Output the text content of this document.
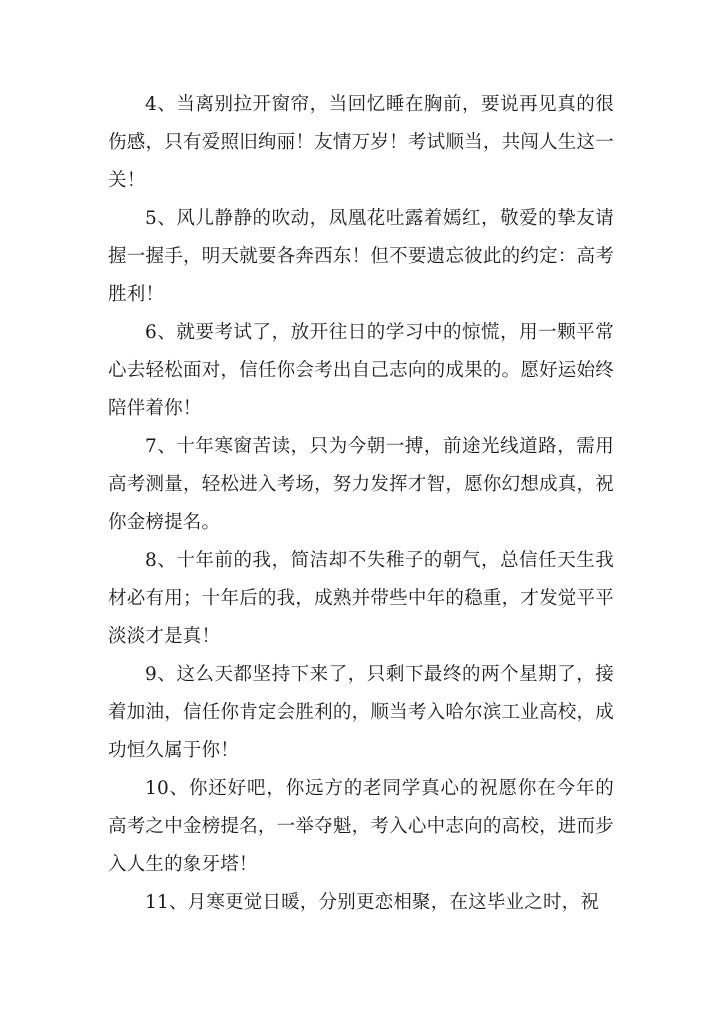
4、当离别拉开窗帘，当回忆睡在胸前，要说再见真的很伤感，只有爱照旧绚丽！友情万岁！考试顺当，共闯人生这一关！

5、风儿静静的吹动，凤凰花吐露着嫣红，敬爱的挚友请握一握手，明天就要各奔西东！但不要遗忘彼此的约定：高考胜利！

6、就要考试了，放开往日的学习中的惊慌，用一颗平常心去轻松面对，信任你会考出自己志向的成果的。愿好运始终陪伴着你！

7、十年寒窗苦读，只为今朝一搏，前途光线道路，需用高考测量，轻松进入考场，努力发挥才智，愿你幻想成真，祝你金榜提名。

8、十年前的我，简洁却不失稚子的朝气，总信任天生我材必有用；十年后的我，成熟并带些中年的稳重，才发觉平平淡淡才是真！

9、这么天都坚持下来了，只剩下最终的两个星期了，接着加油，信任你肯定会胜利的，顺当考入哈尔滨工业高校，成功恒久属于你！

10、你还好吧，你远方的老同学真心的祝愿你在今年的高考之中金榜提名，一举夺魁，考入心中志向的高校，进而步入人生的象牙塔！

11、月寒更觉日暖，分别更恋相聚，在这毕业之时，祝
